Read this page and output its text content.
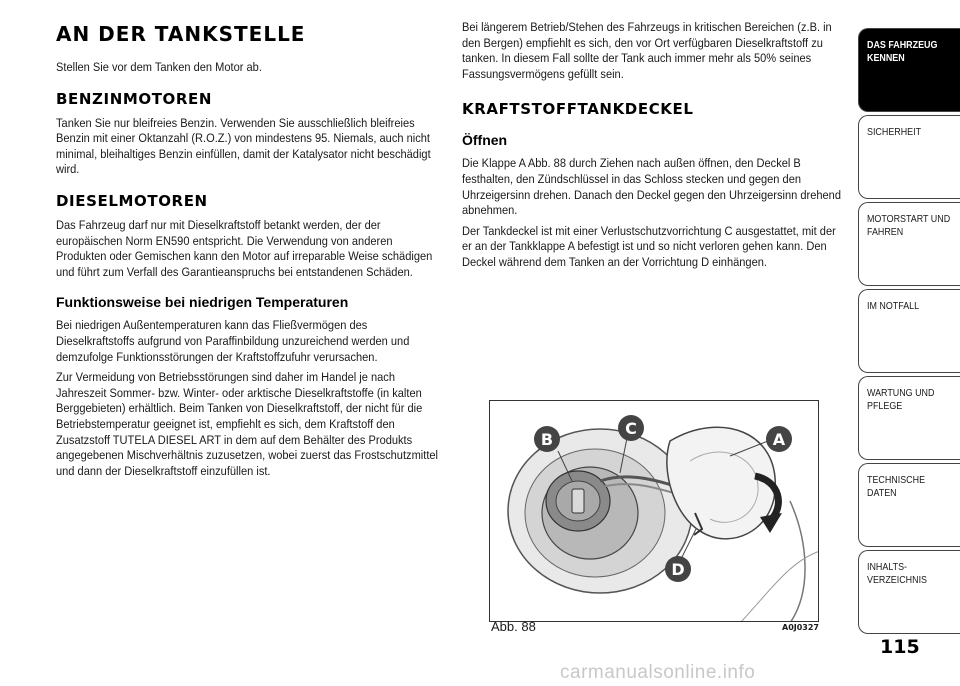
AN DER TANKSTELLE
Stellen Sie vor dem Tanken den Motor ab.
BENZINMOTOREN
Tanken Sie nur bleifreies Benzin. Verwenden Sie ausschließlich bleifreies Benzin mit einer Oktanzahl (R.O.Z.) von mindestens 95. Niemals, auch nicht minimal, bleihaltiges Benzin einfüllen, damit der Katalysator nicht beschädigt wird.
DIESELMOTOREN
Das Fahrzeug darf nur mit Dieselkraftstoff betankt werden, der der europäischen Norm EN590 entspricht. Die Verwendung von anderen Produkten oder Gemischen kann den Motor auf irreparable Weise schädigen und führt zum Verfall des Garantieanspruchs bei entstandenen Schäden.
Funktionsweise bei niedrigen Temperaturen
Bei niedrigen Außentemperaturen kann das Fließvermögen des Dieselkraftstoffs aufgrund von Paraffinbildung unzureichend werden und demzufolge Funktionsstörungen der Kraftstoffzufuhr verursachen.
Zur Vermeidung von Betriebsstörungen sind daher im Handel je nach Jahreszeit Sommer- bzw. Winter- oder arktische Dieselkraftstoffe (in kalten Berggebieten) erhältlich. Beim Tanken von Dieselkraftstoff, der nicht für die Betriebstemperatur geeignet ist, empfiehlt es sich, dem Kraftstoff den Zusatzstoff TUTELA DIESEL ART in dem auf dem Behälter des Produkts angegebenen Mischverhältnis zuzusetzen, wobei zuerst das Frostschutzmittel und dann der Dieselkraftstoff einzufüllen ist.
Bei längerem Betrieb/Stehen des Fahrzeugs in kritischen Bereichen (z.B. in den Bergen) empfiehlt es sich, den vor Ort verfügbaren Dieselkraftstoff zu tanken. In diesem Fall sollte der Tank auch immer mehr als 50% seines Fassungsvermögens gefüllt sein.
KRAFTSTOFFTANKDECKEL
Öffnen
Die Klappe A Abb. 88 durch Ziehen nach außen öffnen, den Deckel B festhalten, den Zündschlüssel in das Schloss stecken und gegen den Uhrzeigersinn drehen. Danach den Deckel gegen den Uhrzeigersinn drehend abnehmen.
Der Tankdeckel ist mit einer Verlustschutzvorrichtung C ausgestattet, mit der er an der Tankklappe A befestigt ist und so nicht verloren gehen kann. Den Deckel während dem Tanken an der Vorrichtung D einhängen.
B
C
A
D
Abb. 88	A0J0327
DAS FAHRZEUG KENNEN
SICHERHEIT
MOTORSTART UND FAHREN
IM NOTFALL
WARTUNG UND PFLEGE
TECHNISCHE DATEN
INHALTS-VERZEICHNIS
115
carmanualsonline.info
